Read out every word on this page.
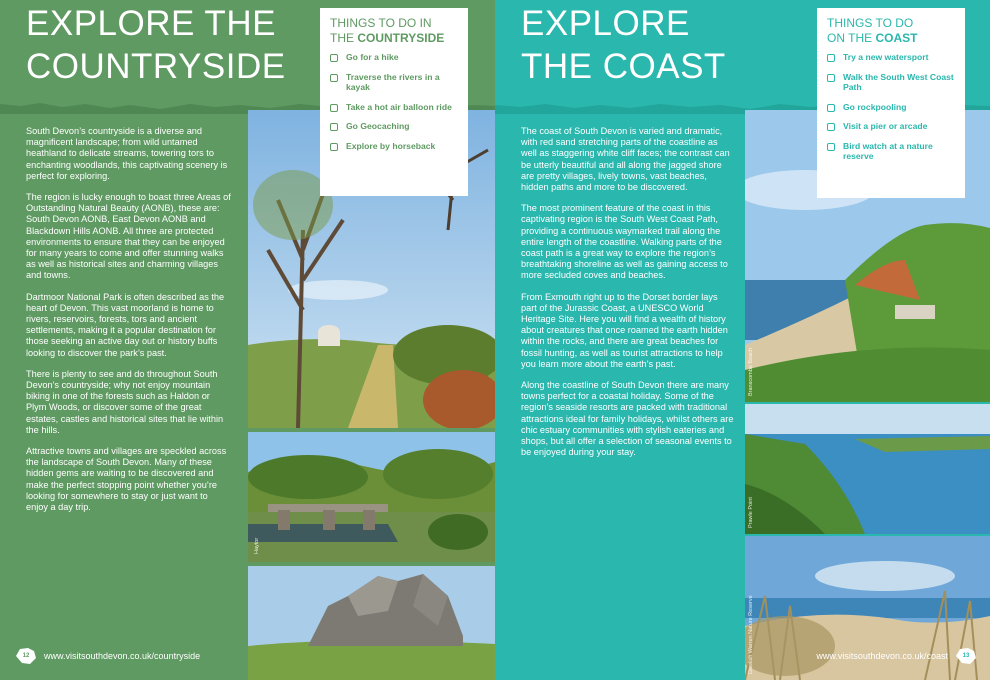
EXPLORE THE
COUNTRYSIDE

South Devon’s countryside is a diverse and magnificent landscape; from wild untamed heathland to delicate streams, towering tors to enchanting woodlands, this captivating scenery is perfect for exploring.

The region is lucky enough to boast three Areas of Outstanding Natural Beauty (AONB), these are: South Devon AONB, East Devon AONB and Blackdown Hills AONB. All three are protected environments to ensure that they can be enjoyed for many years to come and offer stunning walks as well as historical sites and charming villages and towns.

Dartmoor National Park is often described as the heart of Devon. This vast moorland is home to rivers, reservoirs, forests, tors and ancient settlements, making it a popular destination for those seeking an active day out or history buffs looking to discover the park’s past.

There is plenty to see and do throughout South Devon’s countryside; why not enjoy mountain biking in one of the forests such as Haldon or Plym Woods, or discover some of the great estates, castles and historical sites that lie within the hills.

Attractive towns and villages are speckled across the landscape of South Devon. Many of these hidden gems are waiting to be discovered and make the perfect stopping point whether you’re looking for somewhere to stay or just want to enjoy a day trip.

Haytor
12 www.visitsouthdevon.co.uk/countryside
THINGS TO DO IN
THE COUNTRYSIDE
Go for a hike
Traverse the rivers in a kayak
Take a hot air balloon ride
Go Geocaching
Explore by horseback
EXPLORE
THE COAST

The coast of South Devon is varied and dramatic, with red sand stretching parts of the coastline as well as staggering white cliff faces; the contrast can be utterly beautiful and all along the jagged shore are pretty villages, lively towns, vast beaches, hidden paths and more to be discovered.

The most prominent feature of the coast in this captivating region is the South West Coast Path, providing a continuous waymarked trail along the entire length of the coastline. Walking parts of the coast path is a great way to explore the region’s breathtaking shoreline as well as gaining access to more secluded coves and beaches.

From Exmouth right up to the Dorset border lays part of the Jurassic Coast, a UNESCO World Heritage Site. Here you will find a wealth of history about creatures that once roamed the earth hidden within the rocks, and there are great beaches for fossil hunting, as well as tourist attractions to help you learn more about the earth’s past.

Along the coastline of South Devon there are many towns perfect for a coastal holiday. Some of the region’s seaside resorts are packed with traditional attractions ideal for family holidays, whilst others are chic estuary communities with stylish eateries and shops, but all offer a selection of seasonal events to be enjoyed during your stay.

Branscombe Beach
Prawle Point
Dawlish Warren Nature Reserve	www.visitsouthdevon.co.uk/coast 13
THINGS TO DO
ON THE COAST
Try a new watersport
Walk the South West Coast Path
Go rockpooling
Visit a pier or arcade
Bird watch at a nature reserve
